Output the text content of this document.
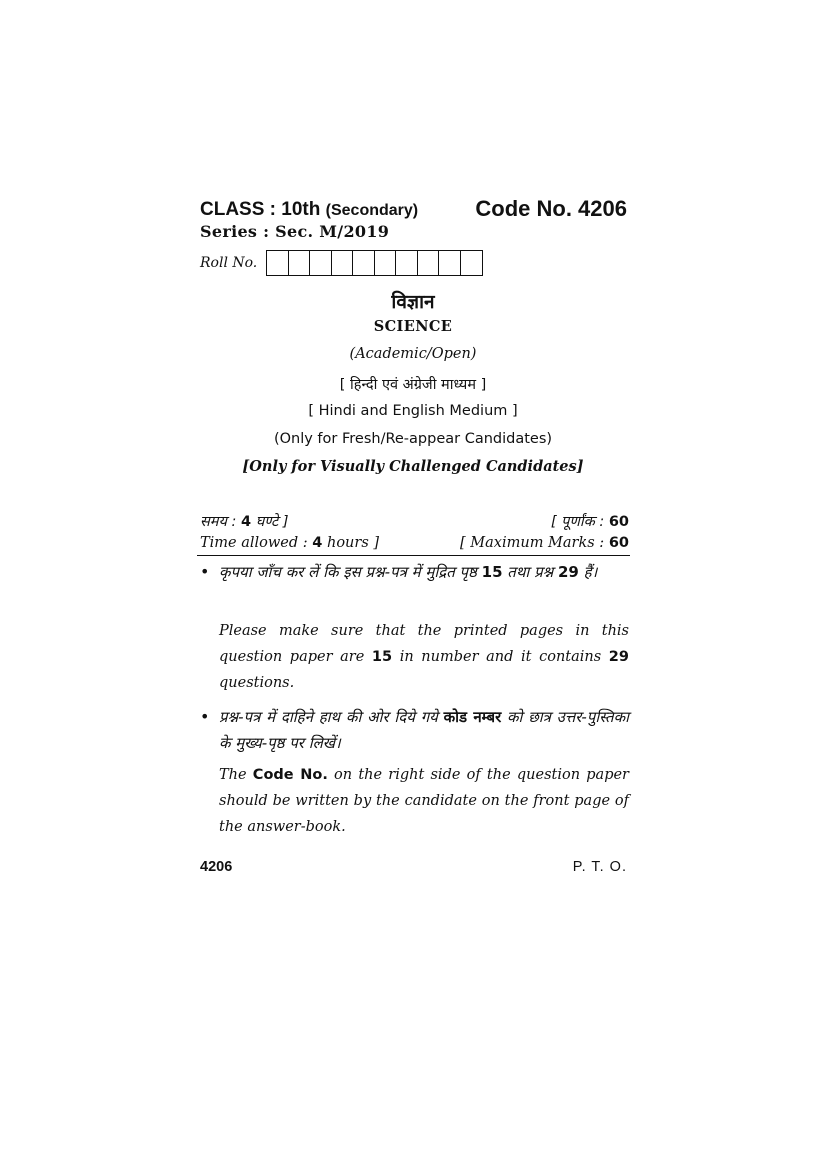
CLASS : 10th (Secondary)	Code No. 4206
Series : Sec. M/2019
Roll No.
विज्ञान
SCIENCE
(Academic/Open)
[ हिन्दी एवं अंग्रेजी माध्यम ]
[ Hindi and English Medium ]
(Only for Fresh/Re-appear Candidates)
[Only for Visually Challenged Candidates]
समय : 4 घण्टे ]	[ पूर्णांक : 60
Time allowed : 4 hours ]	[ Maximum Marks : 60
• कृपया जाँच कर लें कि इस प्रश्न-पत्र में मुद्रित पृष्ठ 15 तथा प्रश्न 29 हैं।
Please make sure that the printed pages in this question paper are 15 in number and it contains 29 questions.
• प्रश्न-पत्र में दाहिने हाथ की ओर दिये गये कोड नम्बर को छात्र उत्तर-पुस्तिका के मुख्य-पृष्ठ पर लिखें।
The Code No. on the right side of the question paper should be written by the candidate on the front page of the answer-book.
4206	P. T. O.
